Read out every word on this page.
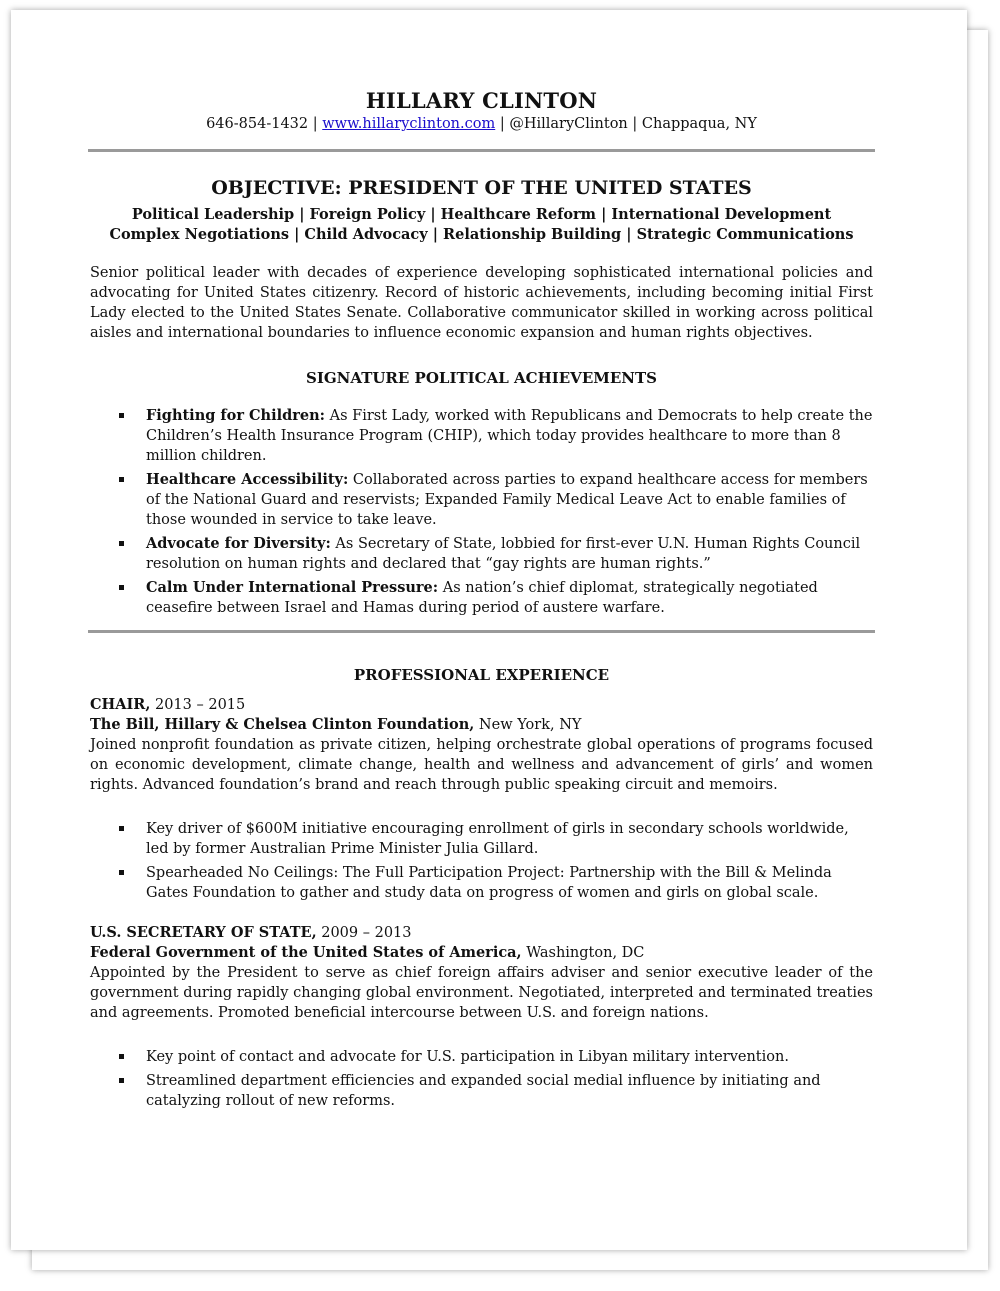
HILLARY CLINTON
646-854-1432 | www.hillaryclinton.com | @HillaryClinton | Chappaqua, NY
OBJECTIVE: PRESIDENT OF THE UNITED STATES
Political Leadership | Foreign Policy | Healthcare Reform | International Development
Complex Negotiations | Child Advocacy | Relationship Building | Strategic Communications
Senior political leader with decades of experience developing sophisticated international policies and advocating for United States citizenry. Record of historic achievements, including becoming initial First Lady elected to the United States Senate. Collaborative communicator skilled in working across political aisles and international boundaries to influence economic expansion and human rights objectives.
SIGNATURE POLITICAL ACHIEVEMENTS
Fighting for Children: As First Lady, worked with Republicans and Democrats to help create the Children’s Health Insurance Program (CHIP), which today provides healthcare to more than 8 million children.
Healthcare Accessibility: Collaborated across parties to expand healthcare access for members of the National Guard and reservists; Expanded Family Medical Leave Act to enable families of those wounded in service to take leave.
Advocate for Diversity: As Secretary of State, lobbied for first-ever U.N. Human Rights Council resolution on human rights and declared that “gay rights are human rights.”
Calm Under International Pressure: As nation’s chief diplomat, strategically negotiated ceasefire between Israel and Hamas during period of austere warfare.
PROFESSIONAL EXPERIENCE
CHAIR, 2013 – 2015
The Bill, Hillary & Chelsea Clinton Foundation, New York, NY
Joined nonprofit foundation as private citizen, helping orchestrate global operations of programs focused on economic development, climate change, health and wellness and advancement of girls’ and women rights. Advanced foundation’s brand and reach through public speaking circuit and memoirs.
Key driver of $600M initiative encouraging enrollment of girls in secondary schools worldwide, led by former Australian Prime Minister Julia Gillard.
Spearheaded No Ceilings: The Full Participation Project: Partnership with the Bill & Melinda Gates Foundation to gather and study data on progress of women and girls on global scale.
U.S. SECRETARY OF STATE, 2009 – 2013
Federal Government of the United States of America, Washington, DC
Appointed by the President to serve as chief foreign affairs adviser and senior executive leader of the government during rapidly changing global environment. Negotiated, interpreted and terminated treaties and agreements. Promoted beneficial intercourse between U.S. and foreign nations.
Key point of contact and advocate for U.S. participation in Libyan military intervention.
Streamlined department efficiencies and expanded social medial influence by initiating and catalyzing rollout of new reforms.
